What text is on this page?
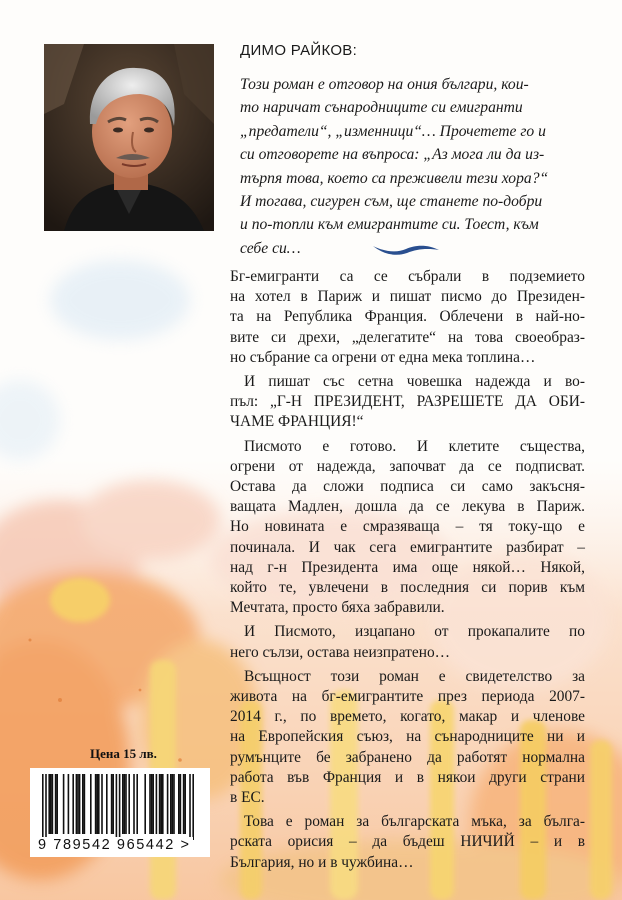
ДИМО РАЙКОВ:
Този роман е отговор на ония българи, кои-
то наричат сънародниците си емигранти
„предатели“, „изменници“… Прочетете го и
си отговорете на въпроса: „Аз мога ли да из-
търпя това, което са преживели тези хора?“
И тогава, сигурен съм, ще станете по-добри
и по-топли към емигрантите си. Тоест, към
себе си…
Бг-емигранти са се събрали в подземието
на хотел в Париж и пишат писмо до Президен-
та на Република Франция. Облечени в най-но-
вите си дрехи, „делегатите“ на това своеобраз-
но събрание са огрени от една мека топлина…
И пишат със сетна човешка надежда и во-
пъл: „Г-Н ПРЕЗИДЕНТ, РАЗРЕШЕТЕ ДА ОБИ-
ЧАМЕ ФРАНЦИЯ!“
Писмото е готово. И клетите същества,
огрени от надежда, започват да се подписват.
Остава да сложи подписа си само закъсня-
ващата Мадлен, дошла да се лекува в Париж.
Но новината е смразяваща – тя току-що е
починала. И чак сега емигрантите разбират –
над г-н Президента има още някой… Някой,
който те, увлечени в последния си порив към
Мечтата, просто бяха забравили.
И Писмото, изцапано от прокапалите по
него сълзи, остава неизпратено…
Всъщност този роман е свидетелство за
живота на бг-емигрантите през периода 2007-
2014 г., по времето, когато, макар и членове
на Европейския съюз, на сънародниците ни и
румънците бе забранено да работят нормална
работа във Франция и в някои други страни
в ЕС.
Това е роман за българската мъка, за бълга-
рската орисия – да бъдеш НИЧИЙ – и в
България, но и в чужбина…
Цена 15 лв.
9 789542 965442 >
